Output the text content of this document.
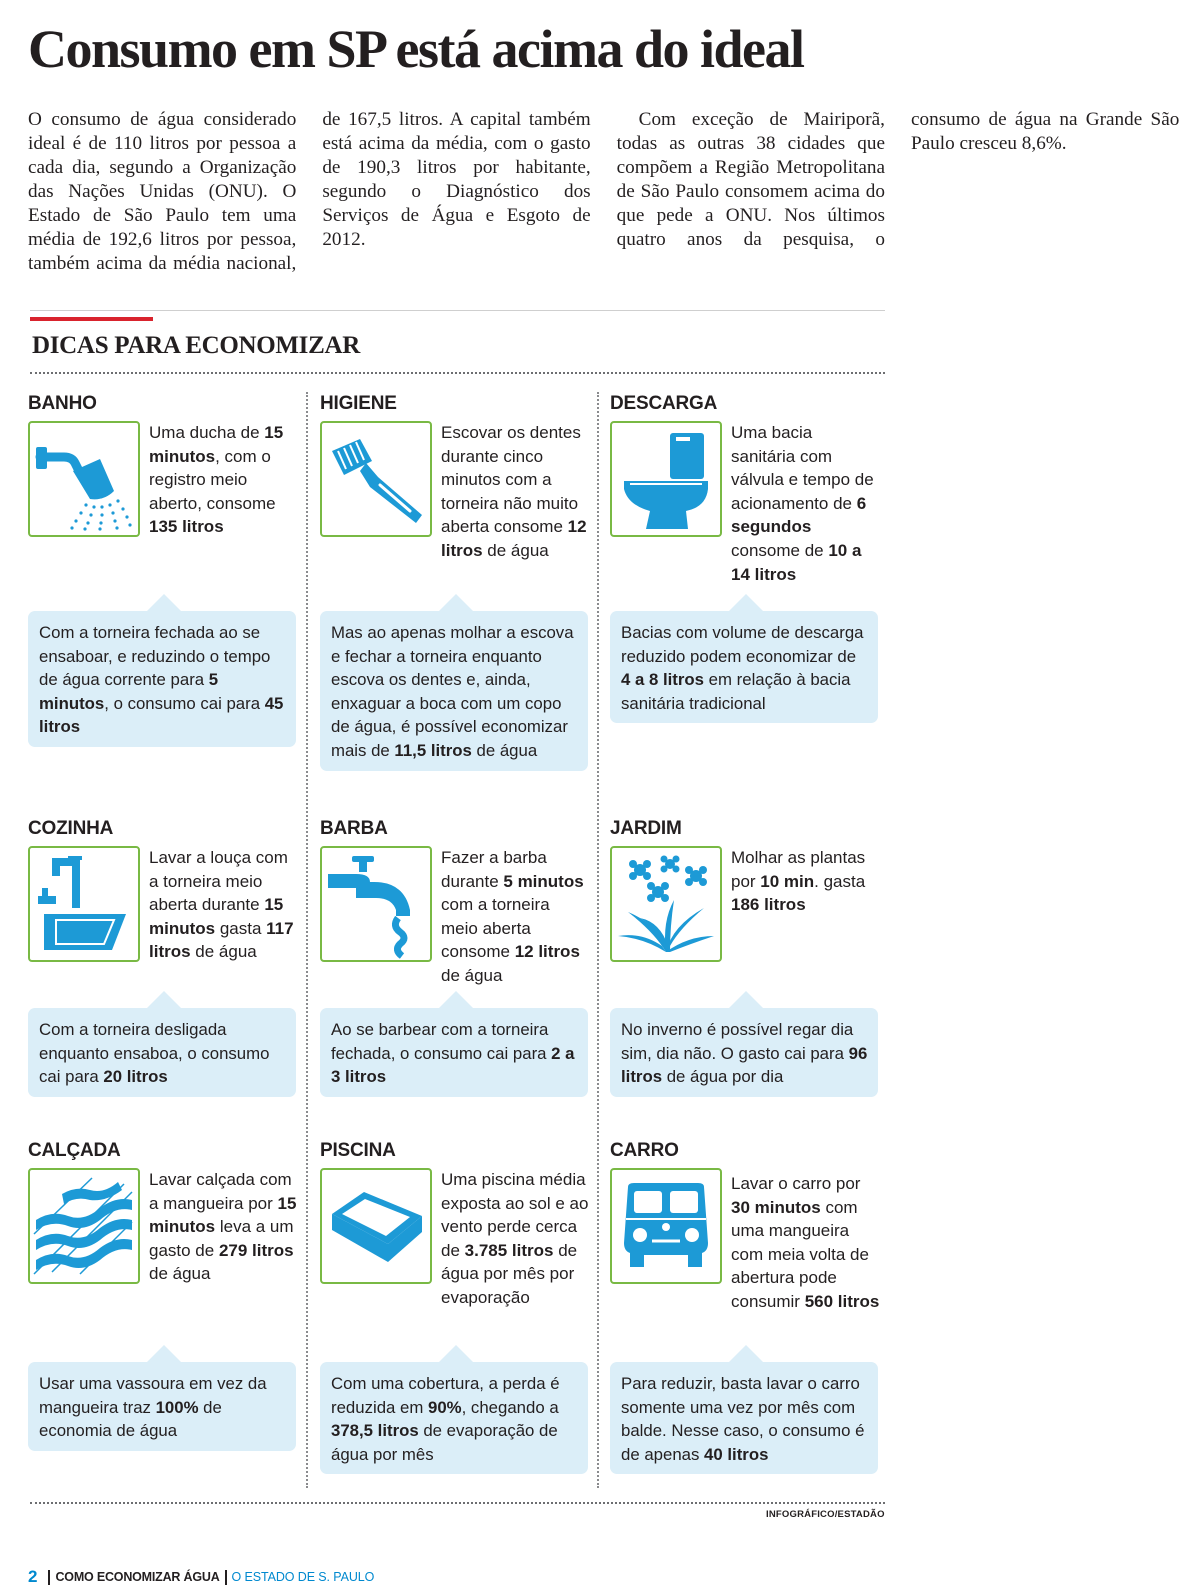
Consumo em SP está acima do ideal

O consumo de água considerado ideal é de 110 litros por pessoa a cada dia, segundo a Organização das Nações Unidas (ONU). O Estado de São Paulo tem uma média de 192,6 litros por pessoa, também acima da média nacional, de 167,5 litros. A capital também está acima da média, com o gasto de 190,3 litros por habitante, segundo o Diagnóstico dos Serviços de Água e Esgoto de 2012.

Com exceção de Mairiporã, todas as outras 38 cidades que compõem a Região Metropolitana de São Paulo consomem acima do que pede a ONU. Nos últimos quatro anos da pesquisa, o consumo de água na Grande São Paulo cresceu 8,6%.

DICAS PARA ECONOMIZAR
BANHO
Uma ducha de 15 minutos, com o registro meio aberto, consome 135 litros
Com a torneira fechada ao se ensaboar, e reduzindo o tempo de água corrente para 5 minutos, o consumo cai para 45 litros
HIGIENE
Escovar os dentes durante cinco minutos com a torneira não muito aberta consome 12 litros de água
Mas ao apenas molhar a escova e fechar a torneira enquanto escova os dentes e, ainda, enxaguar a boca com um copo de água, é possível economizar mais de 11,5 litros de água
DESCARGA
Uma bacia sanitária com válvula e tempo de acionamento de 6 segundos consome de 10 a 14 litros
Bacias com volume de descarga reduzido podem economizar de 4 a 8 litros em relação à bacia sanitária tradicional
COZINHA
Lavar a louça com a torneira meio aberta durante 15 minutos gasta 117 litros de água
Com a torneira desligada enquanto ensaboa, o consumo cai para 20 litros
BARBA
Fazer a barba durante 5 minutos com a torneira meio aberta consome 12 litros de água
Ao se barbear com a torneira fechada, o consumo cai para 2 a 3 litros
JARDIM
Molhar as plantas por 10 min. gasta 186 litros
No inverno é possível regar dia sim, dia não. O gasto cai para 96 litros de água por dia
CALÇADA
Lavar calçada com a mangueira por 15 minutos leva a um gasto de 279 litros de água
Usar uma vassoura em vez da mangueira traz 100% de economia de água
PISCINA
Uma piscina média exposta ao sol e ao vento perde cerca de 3.785 litros de água por mês por evaporação
Com uma cobertura, a perda é reduzida em 90%, chegando a 378,5 litros de evaporação de água por mês
CARRO
Lavar o carro por 30 minutos com uma mangueira com meia volta de abertura pode consumir 560 litros
Para reduzir, basta lavar o carro somente uma vez por mês com balde. Nesse caso, o consumo é de apenas 40 litros
INFOGRÁFICO/ESTADÃO
2 COMO ECONOMIZAR ÁGUA O ESTADO DE S. PAULO
